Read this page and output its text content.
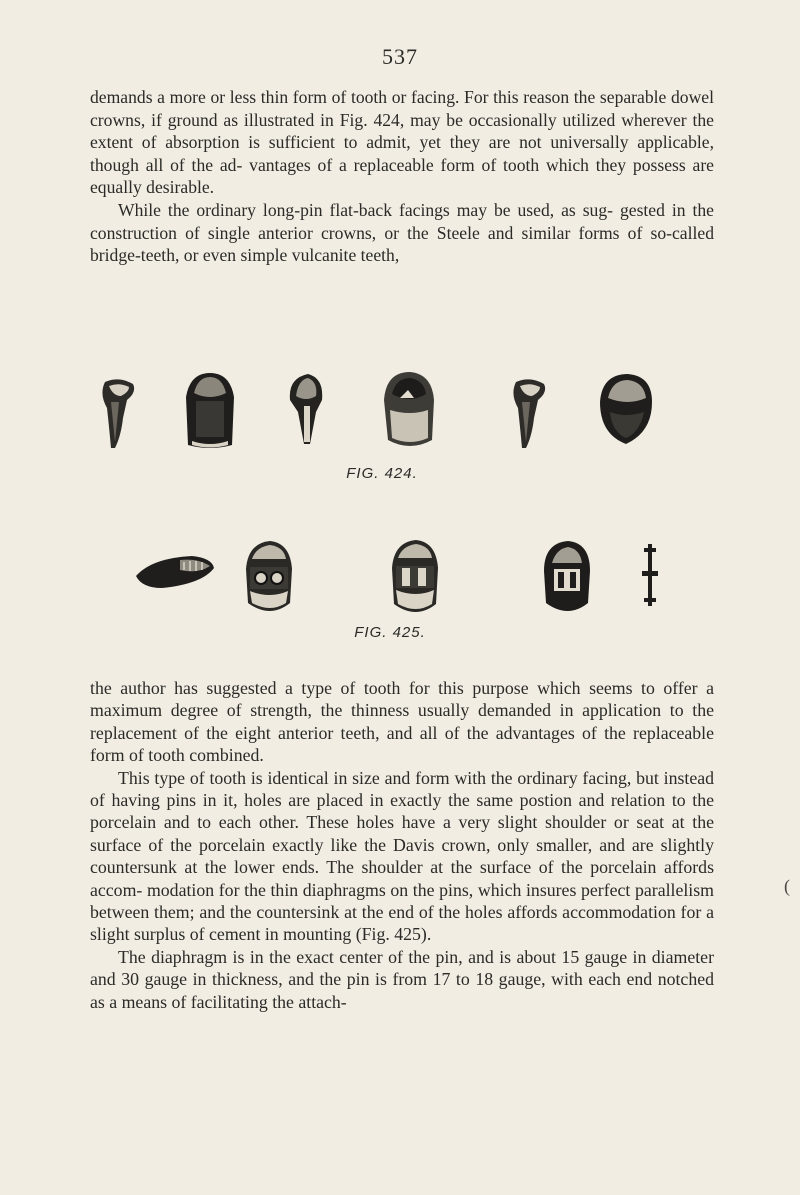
537

demands a more or less thin form of tooth or facing. For this reason the separable dowel crowns, if ground as illustrated in Fig. 424, may be occasionally utilized wherever the extent of absorption is sufficient to admit, yet they are not universally applicable, though all of the ad- vantages of a replaceable form of tooth which they possess are equally desirable.

While the ordinary long-pin flat-back facings may be used, as sug- gested in the construction of single anterior crowns, or the Steele and similar forms of so-called bridge-teeth, or even simple vulcanite teeth,

FIG. 424.
FIG. 425.

the author has suggested a type of tooth for this purpose which seems to offer a maximum degree of strength, the thinness usually demanded in application to the replacement of the eight anterior teeth, and all of the advantages of the replaceable form of tooth combined.

This type of tooth is identical in size and form with the ordinary facing, but instead of having pins in it, holes are placed in exactly the same postion and relation to the porcelain and to each other. These holes have a very slight shoulder or seat at the surface of the porcelain exactly like the Davis crown, only smaller, and are slightly countersunk at the lower ends. The shoulder at the surface of the porcelain affords accom- modation for the thin diaphragms on the pins, which insures perfect parallelism between them; and the countersink at the end of the holes affords accommodation for a slight surplus of cement in mounting (Fig. 425).

The diaphragm is in the exact center of the pin, and is about 15 gauge in diameter and 30 gauge in thickness, and the pin is from 17 to 18 gauge, with each end notched as a means of facilitating the attach-

(
